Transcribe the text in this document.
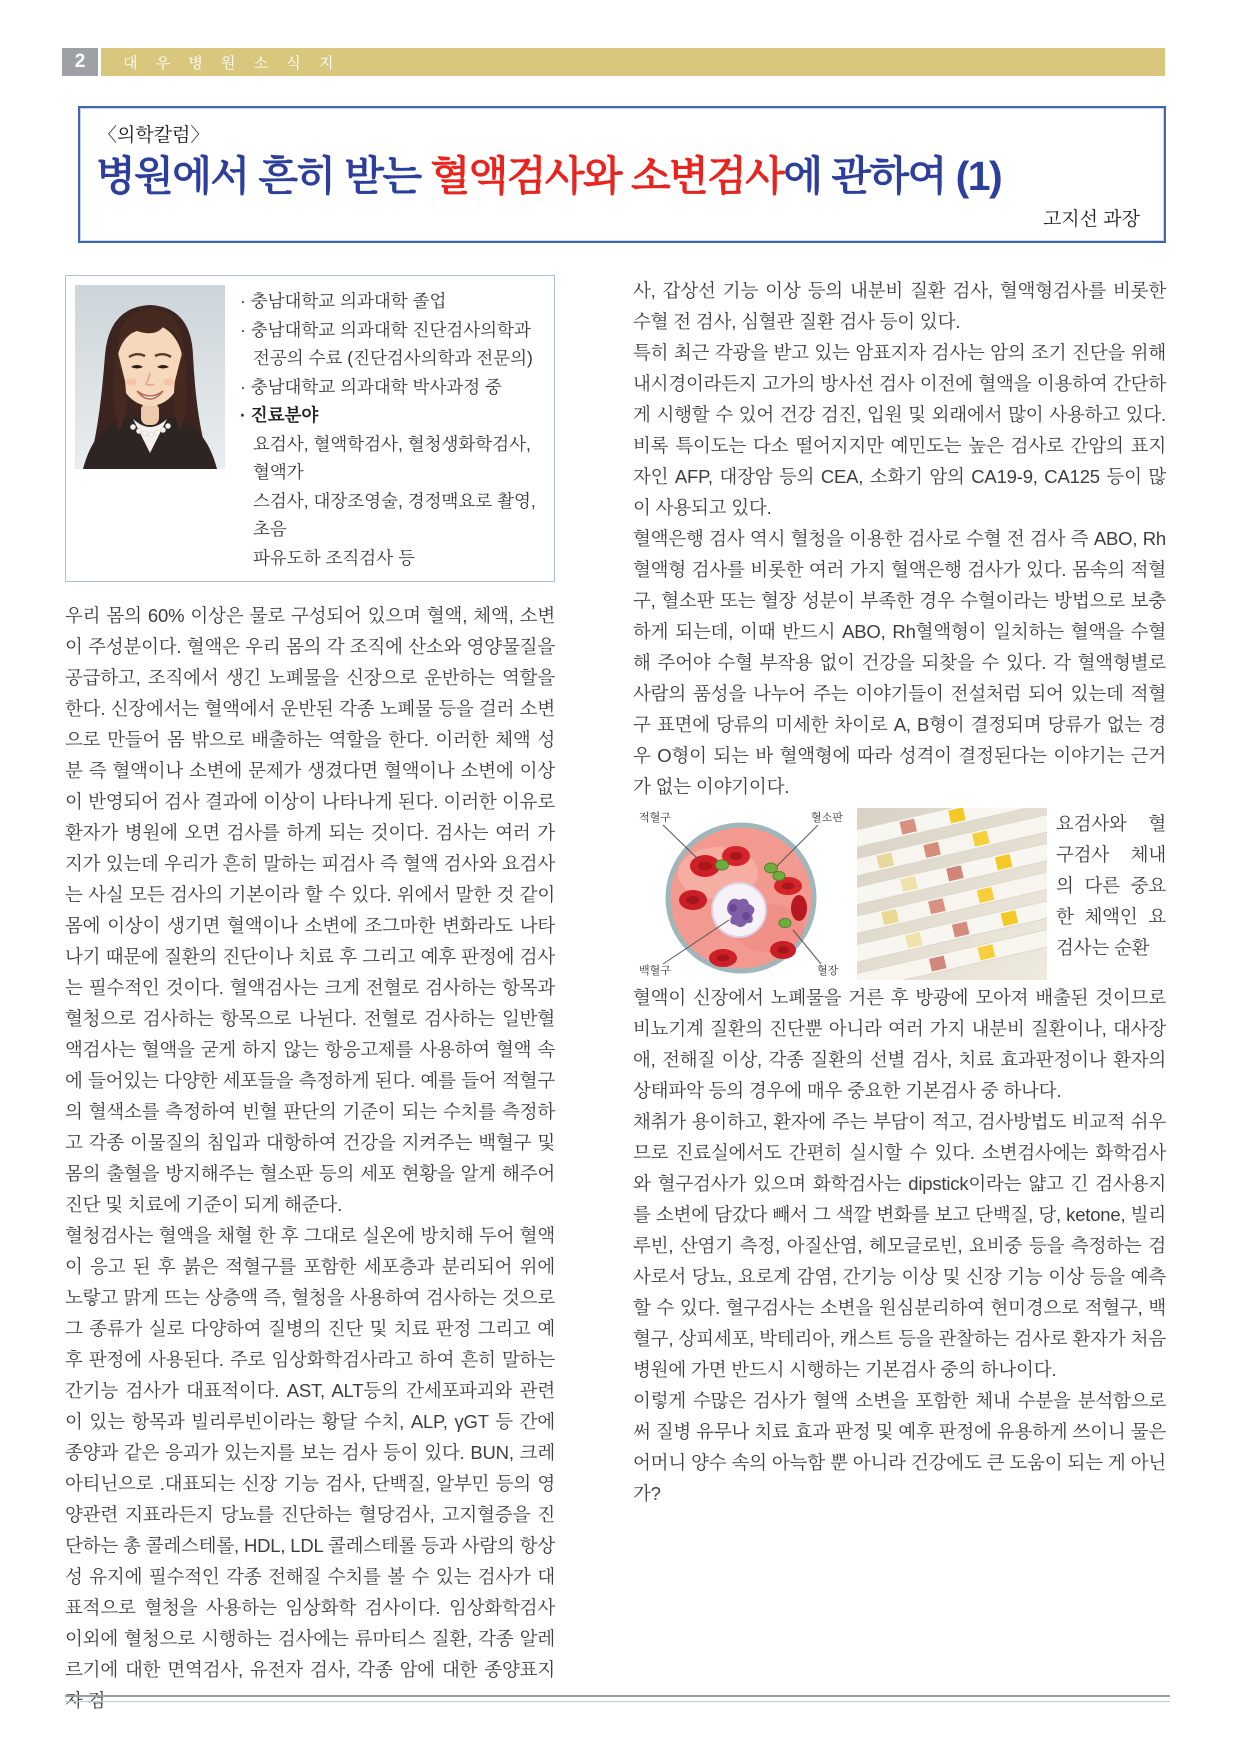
2	대 우 병 원 소 식 지
〈의학칼럼〉
병원에서 흔히 받는 혈액검사와 소변검사에 관하여 (1)
고지선 과장
· 충남대학교 의과대학 졸업
· 충남대학교 의과대학 진단검사의학과
전공의 수료 (진단검사의학과 전문의)
· 충남대학교 의과대학 박사과정 중
· 진료분야
요검사, 혈액학검사, 혈청생화학검사, 혈액가
스검사, 대장조영술, 경정맥요로 촬영, 초음
파유도하 조직검사 등

우리 몸의 60% 이상은 물로 구성되어 있으며 혈액, 체액, 소변이 주성분이다. 혈액은 우리 몸의 각 조직에 산소와 영양물질을 공급하고, 조직에서 생긴 노폐물을 신장으로 운반하는 역할을 한다. 신장에서는 혈액에서 운반된 각종 노폐물 등을 걸러 소변으로 만들어 몸 밖으로 배출하는 역할을 한다. 이러한 체액 성분 즉 혈액이나 소변에 문제가 생겼다면 혈액이나 소변에 이상이 반영되어 검사 결과에 이상이 나타나게 된다. 이러한 이유로 환자가 병원에 오면 검사를 하게 되는 것이다. 검사는 여러 가지가 있는데 우리가 흔히 말하는 피검사 즉 혈액 검사와 요검사는 사실 모든 검사의 기본이라 할 수 있다. 위에서 말한 것 같이 몸에 이상이 생기면 혈액이나 소변에 조그마한 변화라도 나타나기 때문에 질환의 진단이나 치료 후 그리고 예후 판정에 검사는 필수적인 것이다. 혈액검사는 크게 전혈로 검사하는 항목과 혈청으로 검사하는 항목으로 나뉜다. 전혈로 검사하는 일반혈액검사는 혈액을 굳게 하지 않는 항응고제를 사용하여 혈액 속에 들어있는 다양한 세포들을 측정하게 된다. 예를 들어 적혈구의 혈색소를 측정하여 빈혈 판단의 기준이 되는 수치를 측정하고 각종 이물질의 침입과 대항하여 건강을 지켜주는 백혈구 및 몸의 출혈을 방지해주는 혈소판 등의 세포 현황을 알게 해주어 진단 및 치료에 기준이 되게 해준다.

혈청검사는 혈액을 채혈 한 후 그대로 실온에 방치해 두어 혈액이 응고 된 후 붉은 적혈구를 포함한 세포층과 분리되어 위에 노랗고 맑게 뜨는 상층액 즉, 혈청을 사용하여 검사하는 것으로 그 종류가 실로 다양하여 질병의 진단 및 치료 판정 그리고 예후 판정에 사용된다. 주로 임상화학검사라고 하여 흔히 말하는 간기능 검사가 대표적이다. AST, ALT등의 간세포파괴와 관련이 있는 항목과 빌리루빈이라는 황달 수치, ALP, γGT 등 간에 종양과 같은 응괴가 있는지를 보는 검사 등이 있다. BUN, 크레아티닌으로 .대표되는 신장 기능 검사, 단백질, 알부민 등의 영양관련 지표라든지 당뇨를 진단하는 혈당검사, 고지혈증을 진단하는 총 콜레스테롤, HDL, LDL 콜레스테롤 등과 사람의 항상성 유지에 필수적인 각종 전해질 수치를 볼 수 있는 검사가 대표적으로 혈청을 사용하는 임상화학 검사이다. 임상화학검사 이외에 혈청으로 시행하는 검사에는 류마티스 질환, 각종 알레르기에 대한 면역검사, 유전자 검사, 각종 암에 대한 종양표지자 검

사, 갑상선 기능 이상 등의 내분비 질환 검사, 혈액형검사를 비롯한 수혈 전 검사, 심혈관 질환 검사 등이 있다.

특히 최근 각광을 받고 있는 암표지자 검사는 암의 조기 진단을 위해 내시경이라든지 고가의 방사선 검사 이전에 혈액을 이용하여 간단하게 시행할 수 있어 건강 검진, 입원 및 외래에서 많이 사용하고 있다. 비록 특이도는 다소 떨어지지만 예민도는 높은 검사로 간암의 표지자인 AFP, 대장암 등의 CEA, 소화기 암의 CA19-9, CA125 등이 많이 사용되고 있다.

혈액은행 검사 역시 혈청을 이용한 검사로 수혈 전 검사 즉 ABO, Rh혈액형 검사를 비롯한 여러 가지 혈액은행 검사가 있다. 몸속의 적혈구, 혈소판 또는 혈장 성분이 부족한 경우 수혈이라는 방법으로 보충하게 되는데, 이때 반드시 ABO, Rh혈액형이 일치하는 혈액을 수혈해 주어야 수혈 부작용 없이 건강을 되찾을 수 있다. 각 혈액형별로 사람의 품성을 나누어 주는 이야기들이 전설처럼 되어 있는데 적혈구 표면에 당류의 미세한 차이로 A, B형이 결정되며 당류가 없는 경우 O형이 되는 바 혈액형에 따라 성격이 결정된다는 이야기는 근거가 없는 이야기이다.

적혈구	혈소판
백혈구	혈장
요검사와 혈구검사 체내의 다른 중요한 체액인 요검사는 순환

혈액이 신장에서 노폐물을 거른 후 방광에 모아져 배출된 것이므로 비뇨기계 질환의 진단뿐 아니라 여러 가지 내분비 질환이나, 대사장애, 전해질 이상, 각종 질환의 선별 검사, 치료 효과판정이나 환자의 상태파악 등의 경우에 매우 중요한 기본검사 중 하나다.

채취가 용이하고, 환자에 주는 부담이 적고, 검사방법도 비교적 쉬우므로 진료실에서도 간편히 실시할 수 있다. 소변검사에는 화학검사와 혈구검사가 있으며 화학검사는 dipstick이라는 얇고 긴 검사용지를 소변에 담갔다 빼서 그 색깔 변화를 보고 단백질, 당, ketone, 빌리루빈, 산염기 측정, 아질산염, 헤모글로빈, 요비중 등을 측정하는 검사로서 당뇨, 요로계 감염, 간기능 이상 및 신장 기능 이상 등을 예측할 수 있다. 혈구검사는 소변을 원심분리하여 현미경으로 적혈구, 백혈구, 상피세포, 박테리아, 캐스트 등을 관찰하는 검사로 환자가 처음 병원에 가면 반드시 시행하는 기본검사 중의 하나이다.

이렇게 수많은 검사가 혈액 소변을 포함한 체내 수분을 분석함으로써 질병 유무나 치료 효과 판정 및 예후 판정에 유용하게 쓰이니 물은 어머니 양수 속의 아늑함 뿐 아니라 건강에도 큰 도움이 되는 게 아닌가?
